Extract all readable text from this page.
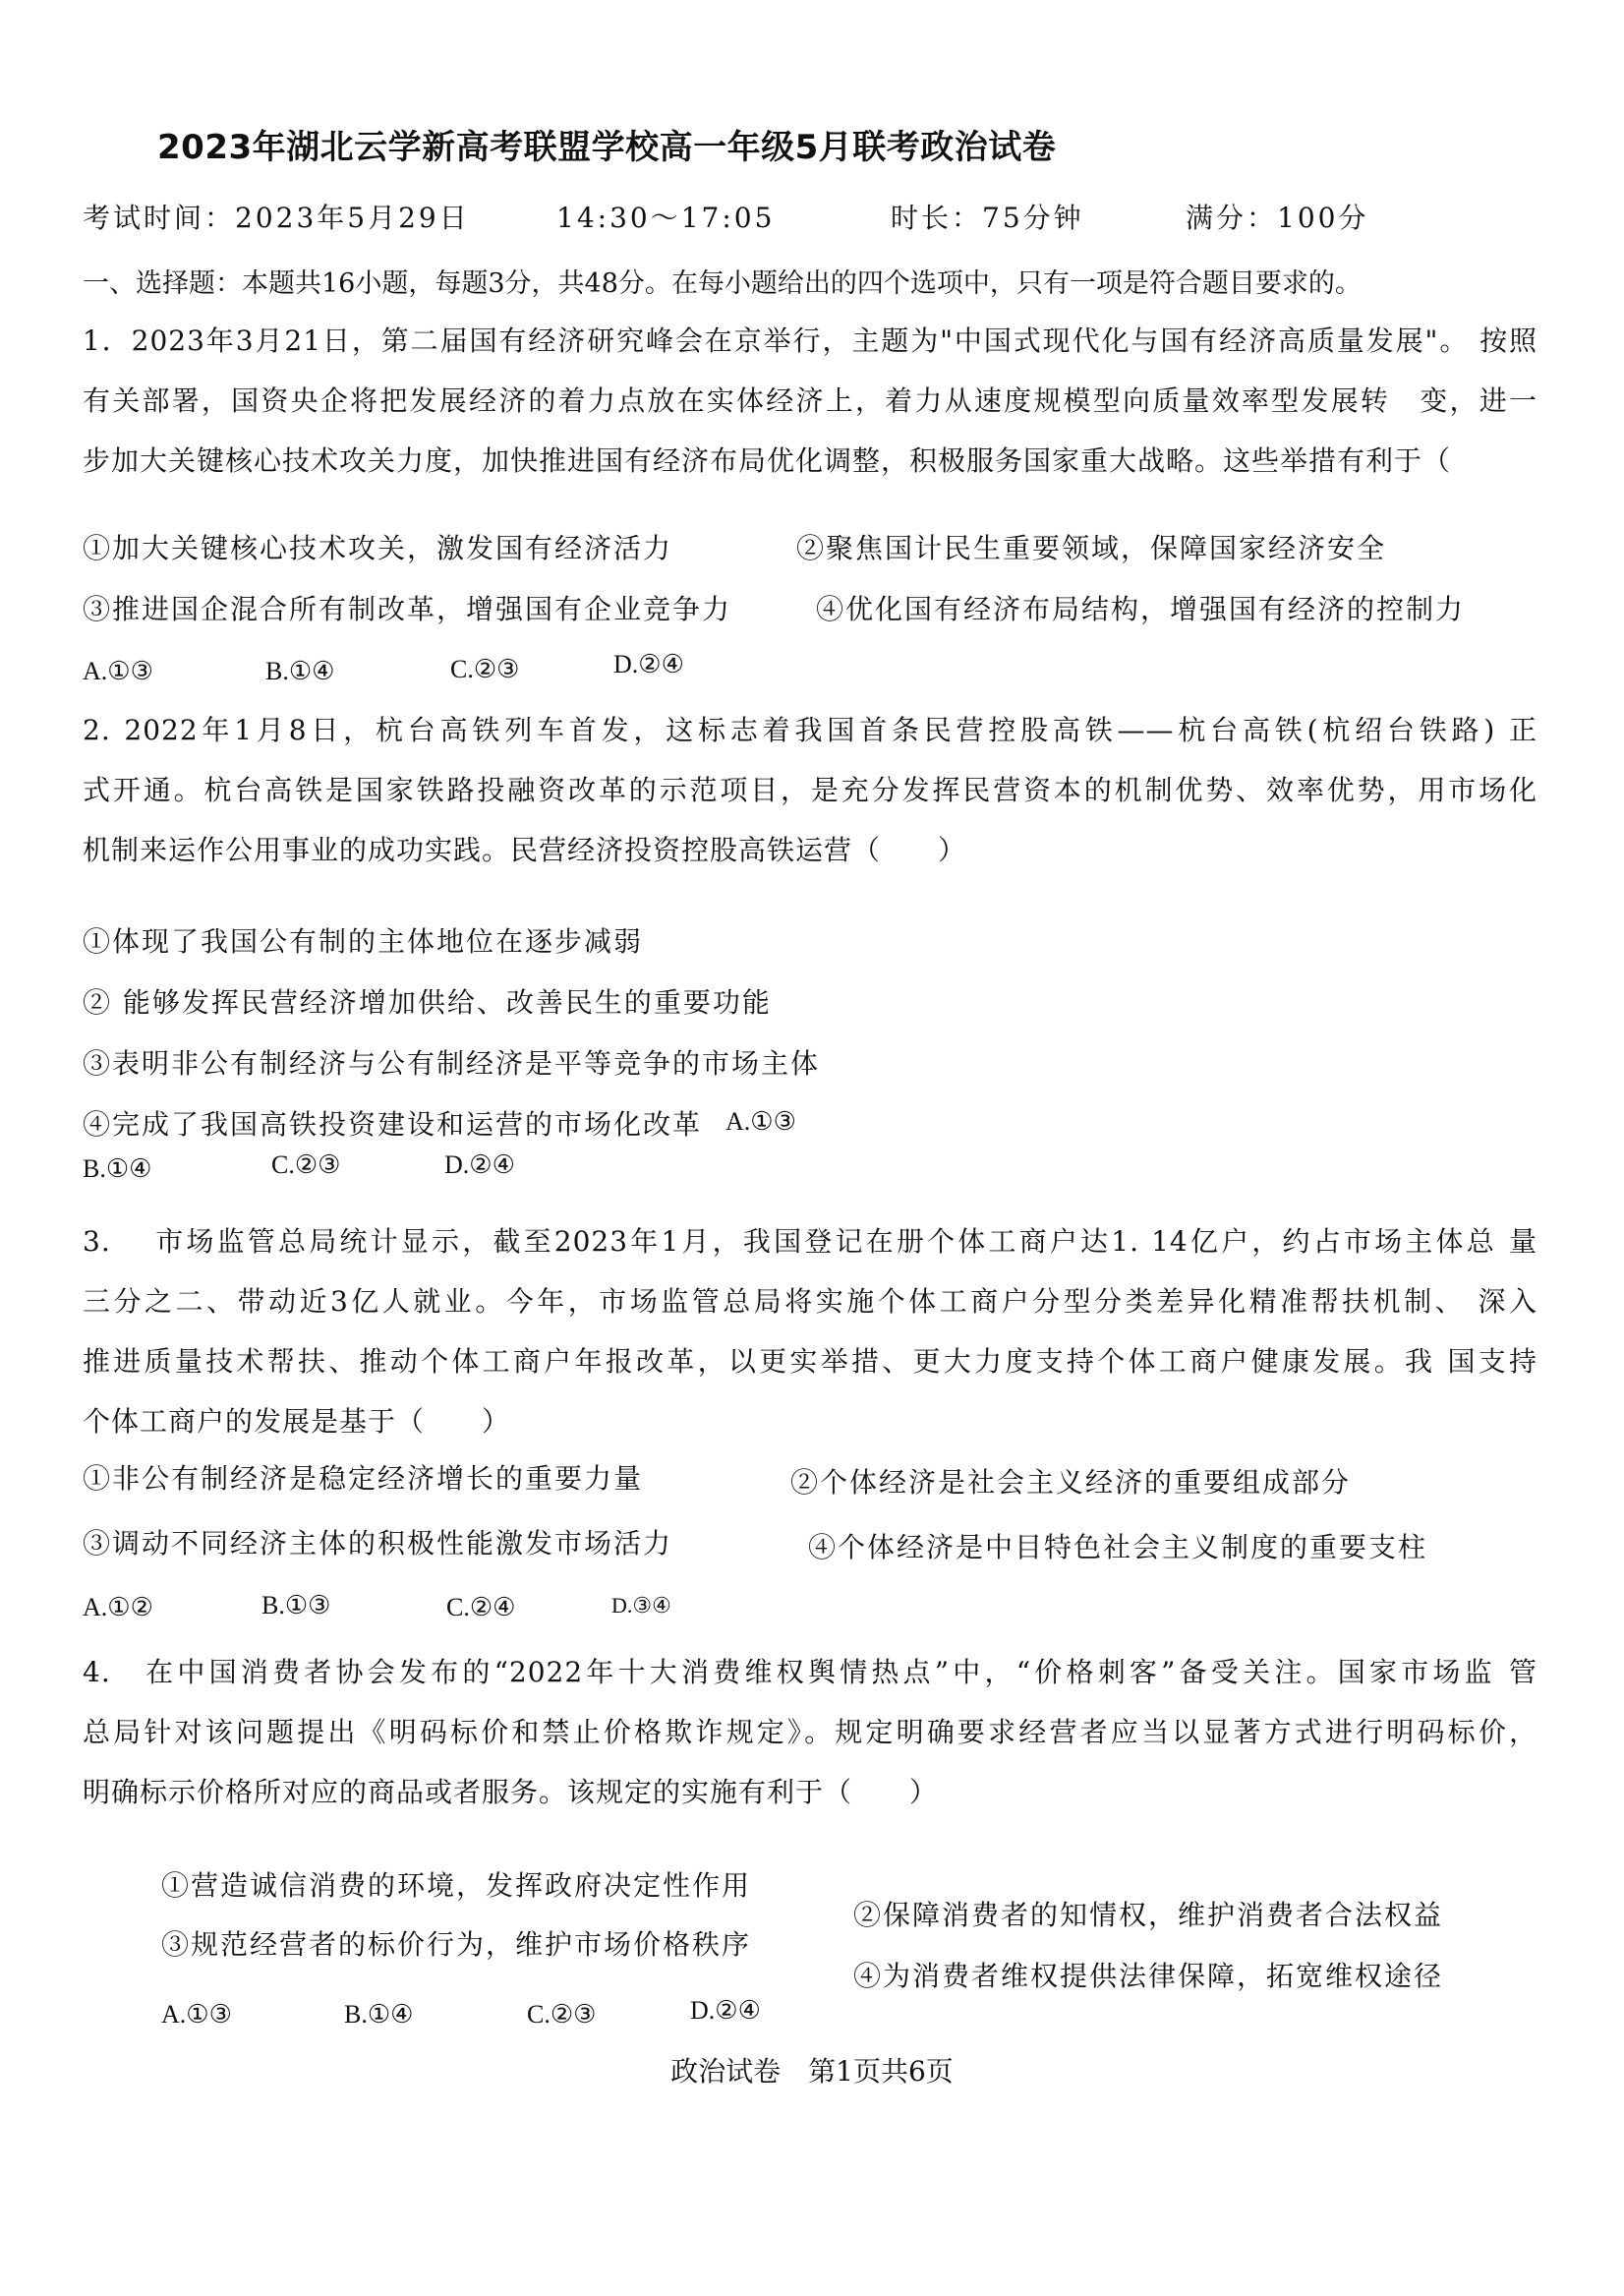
2023年湖北云学新高考联盟学校高一年级5月联考政治试卷
考试时间：2023年5月29日	14:30～17:05	时长：75分钟	满分：100分
一、选择题：本题共16小题，每题3分，共48分。在每小题给出的四个选项中，只有一项是符合题目要求的。
1．2023年3月21日，第二届国有经济研究峰会在京举行，主题为"中国式现代化与国有经济高质量发展"。 按照
有关部署，国资央企将把发展经济的着力点放在实体经济上，着力从速度规模型向质量效率型发展转　变，进一
步加大关键核心技术攻关力度，加快推进国有经济布局优化调整，积极服务国家重大战略。这些举措有利于（
①加大关键核心技术攻关，激发国有经济活力	②聚焦国计民生重要领域，保障国家经济安全
③推进国企混合所有制改革，增强国有企业竞争力	④优化国有经济布局结构，增强国有经济的控制力
A.①③	B.①④	C.②③	D.②④
2. 2022年1月8日，杭台高铁列车首发，这标志着我国首条民营控股高铁——杭台高铁(杭绍台铁路) 正
式开通。杭台高铁是国家铁路投融资改革的示范项目，是充分发挥民营资本的机制优势、效率优势，用市场化
机制来运作公用事业的成功实践。民营经济投资控股高铁运营（　　）
①体现了我国公有制的主体地位在逐步减弱
② 能够发挥民营经济增加供给、改善民生的重要功能
③表明非公有制经济与公有制经济是平等竞争的市场主体
④完成了我国高铁投资建设和运营的市场化改革 A.①③
B.①④	C.②③	D.②④
3.　 市场监管总局统计显示，截至2023年1月，我国登记在册个体工商户达1. 14亿户，约占市场主体总 量
三分之二、带动近3亿人就业。今年，市场监管总局将实施个体工商户分型分类差异化精准帮扶机制、 深入
推进质量技术帮扶、推动个体工商户年报改革，以更实举措、更大力度支持个体工商户健康发展。我 国支持
个体工商户的发展是基于（　　）
①非公有制经济是稳定经济增长的重要力量	②个体经济是社会主义经济的重要组成部分
③调动不同经济主体的积极性能激发市场活力	④个体经济是中目特色社会主义制度的重要支柱
A.①②	B.①③	C.②④	D.③④
4.　在中国消费者协会发布的“2022年十大消费维权舆情热点”中，“价格刺客”备受关注。国家市场监 管
总局针对该问题提出《明码标价和禁止价格欺诈规定》。规定明确要求经营者应当以显著方式进行明码标价，
明确标示价格所对应的商品或者服务。该规定的实施有利于（　　）
①营造诚信消费的环境，发挥政府决定性作用
②保障消费者的知情权，维护消费者合法权益
③规范经营者的标价行为，维护市场价格秩序
④为消费者维权提供法律保障，拓宽维权途径
A.①③	B.①④	C.②③	D.②④
政治试卷　第1页共6页
